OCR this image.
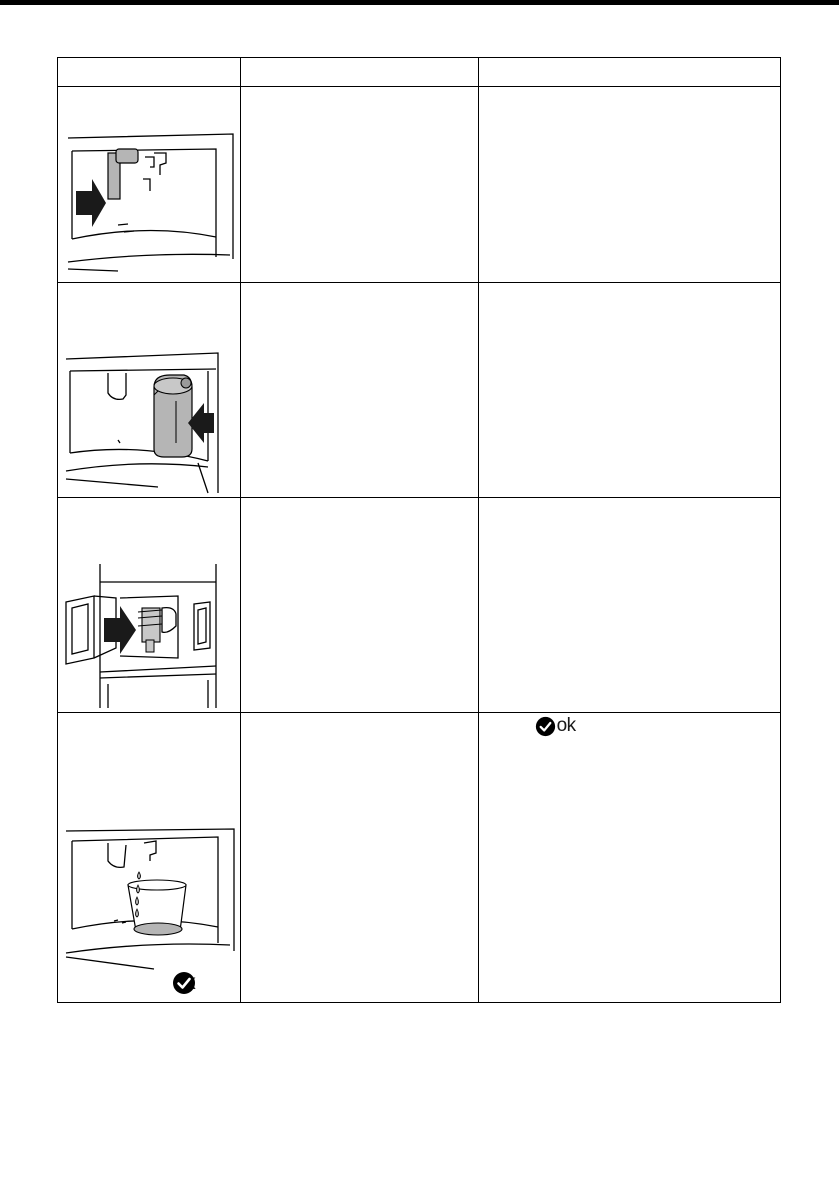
ok
